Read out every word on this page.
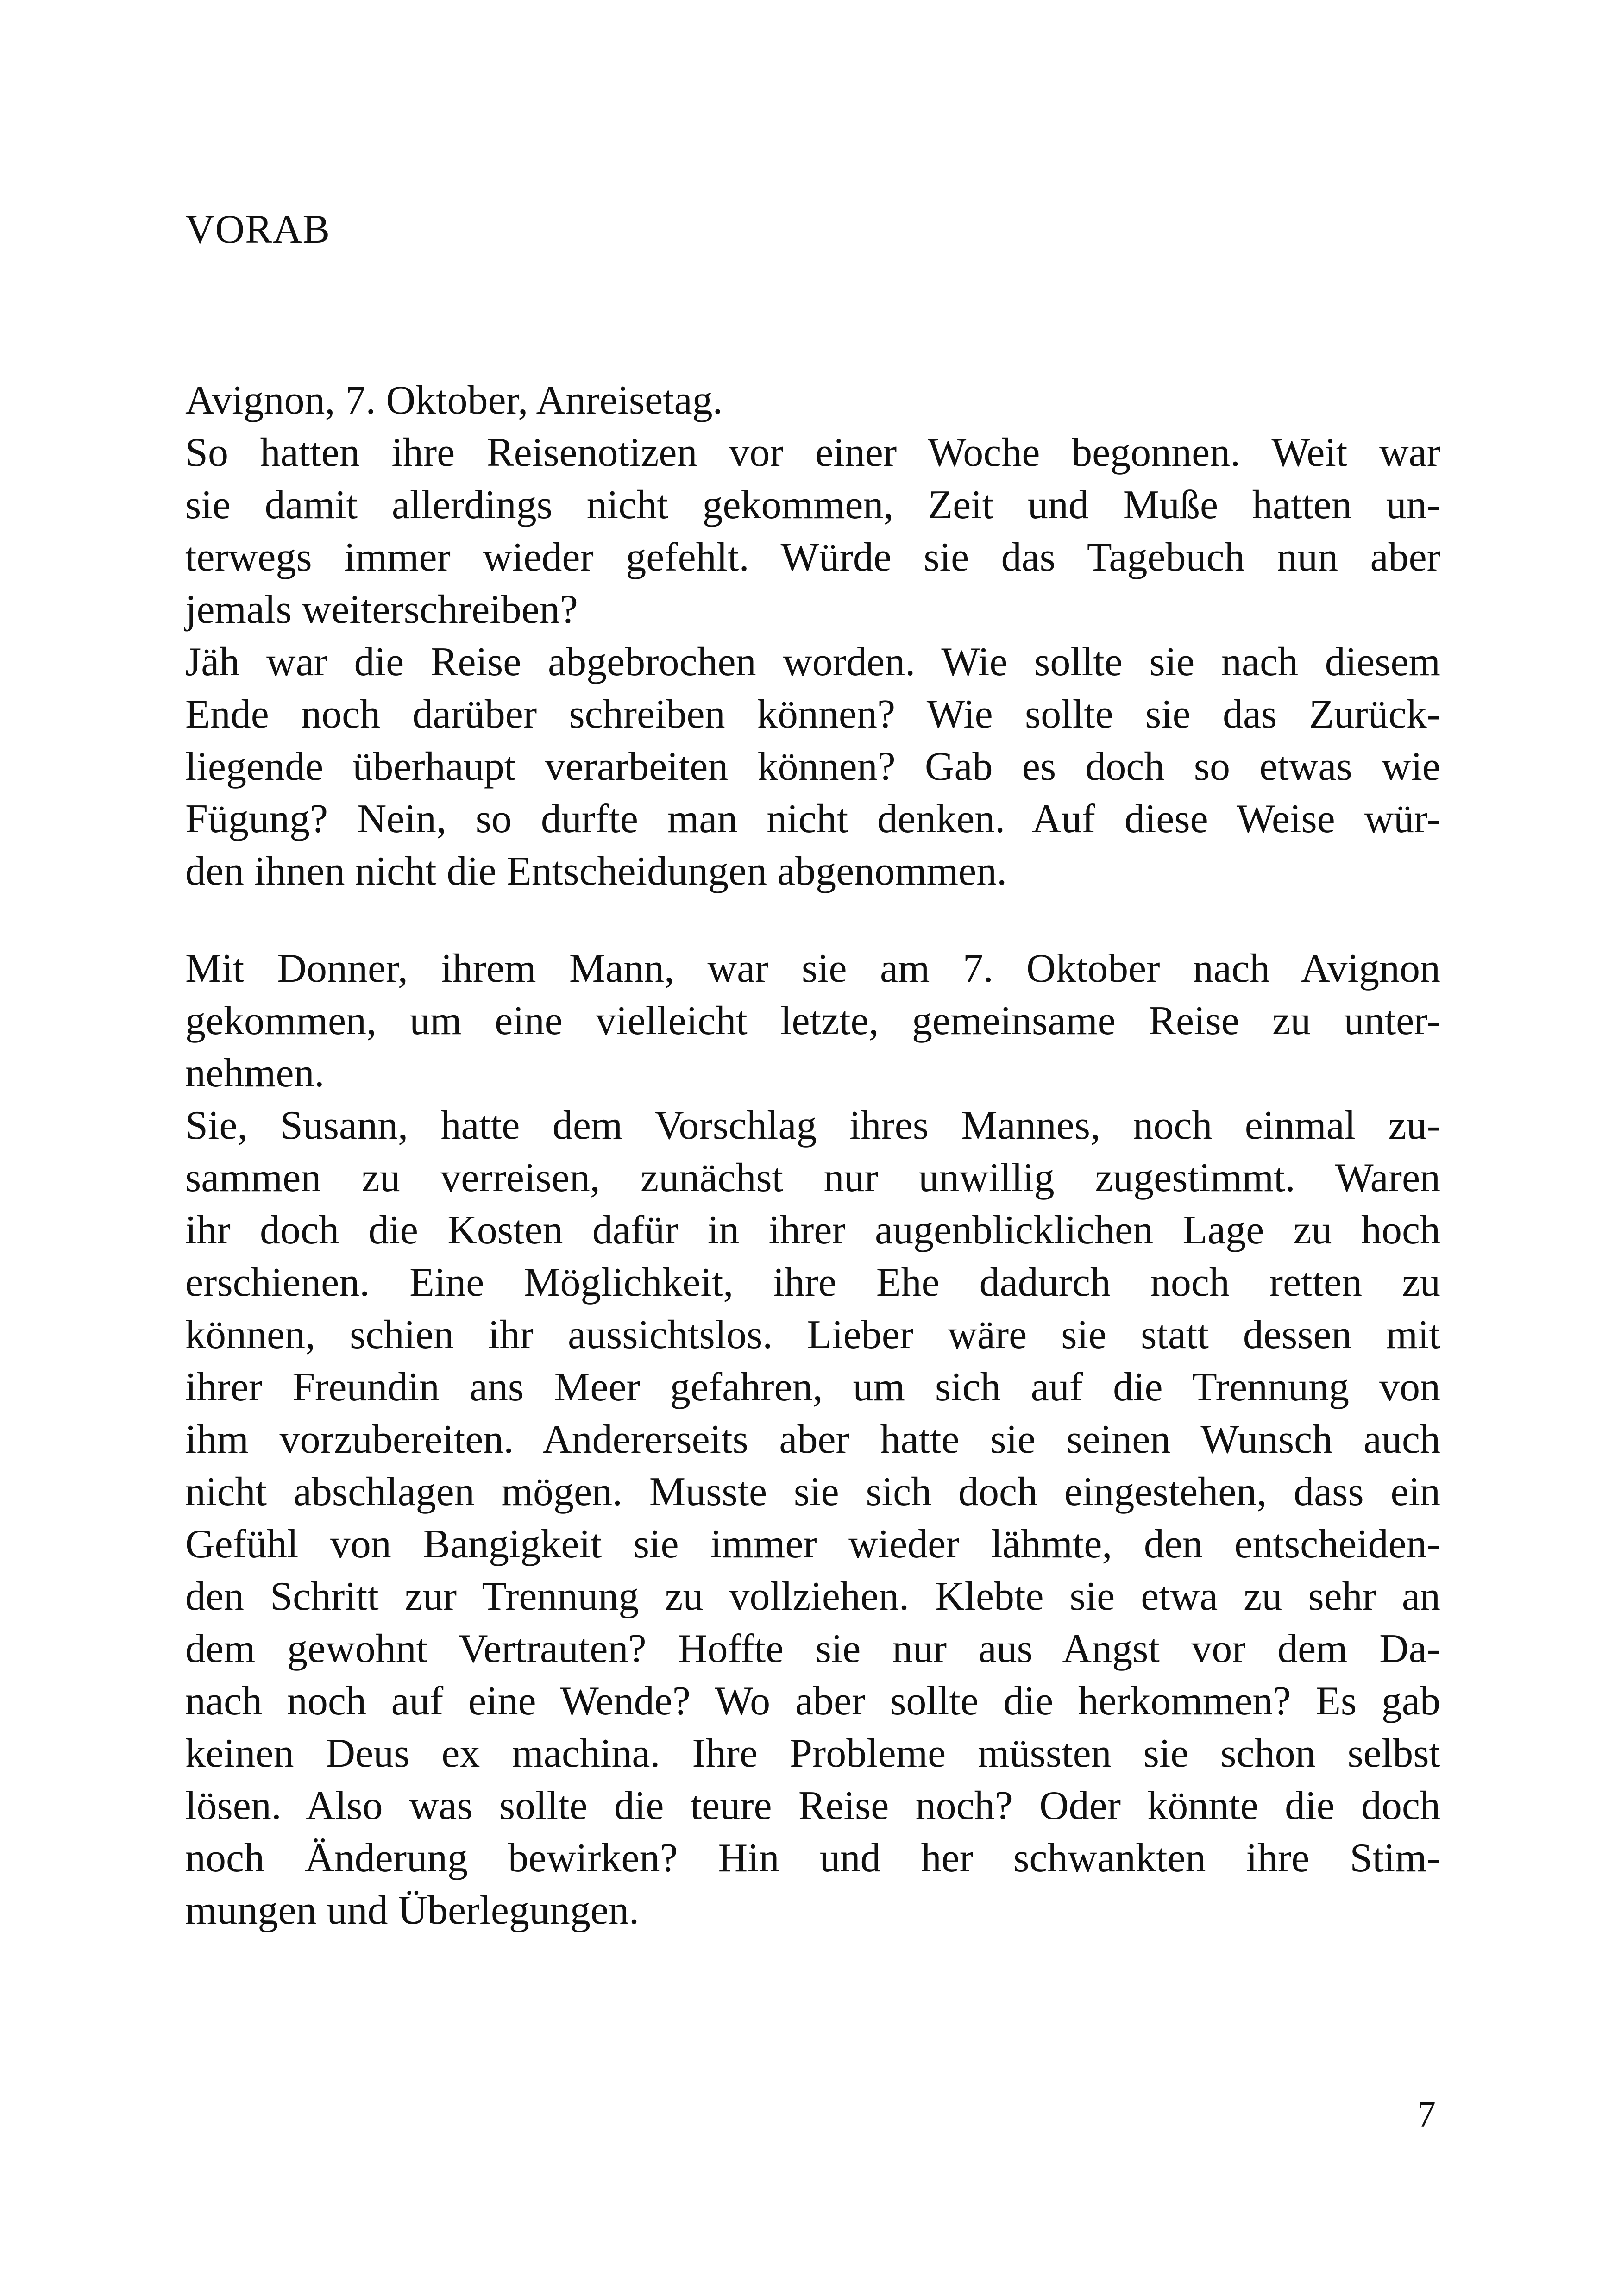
VORAB
Avignon, 7. Oktober, Anreisetag.
So hatten ihre Reisenotizen vor einer Woche begonnen. Weit war
sie damit allerdings nicht gekommen, Zeit und Muße hatten un-
terwegs immer wieder gefehlt. Würde sie das Tagebuch nun aber
jemals weiterschreiben?
Jäh war die Reise abgebrochen worden. Wie sollte sie nach diesem
Ende noch darüber schreiben können? Wie sollte sie das Zurück-
liegende überhaupt verarbeiten können? Gab es doch so etwas wie
Fügung? Nein, so durfte man nicht denken. Auf diese Weise wür-
den ihnen nicht die Entscheidungen abgenommen.
Mit Donner, ihrem Mann, war sie am 7. Oktober nach Avignon
gekommen, um eine vielleicht letzte, gemeinsame Reise zu unter-
nehmen.
Sie, Susann, hatte dem Vorschlag ihres Mannes, noch einmal zu-
sammen zu verreisen, zunächst nur unwillig zugestimmt. Waren
ihr doch die Kosten dafür in ihrer augenblicklichen Lage zu hoch
erschienen. Eine Möglichkeit, ihre Ehe dadurch noch retten zu
können, schien ihr aussichtslos. Lieber wäre sie statt dessen mit
ihrer Freundin ans Meer gefahren, um sich auf die Trennung von
ihm vorzubereiten. Andererseits aber hatte sie seinen Wunsch auch
nicht abschlagen mögen. Musste sie sich doch eingestehen, dass ein
Gefühl von Bangigkeit sie immer wieder lähmte, den entscheiden-
den Schritt zur Trennung zu vollziehen. Klebte sie etwa zu sehr an
dem gewohnt Vertrauten? Hoffte sie nur aus Angst vor dem Da-
nach noch auf eine Wende? Wo aber sollte die herkommen? Es gab
keinen Deus ex machina. Ihre Probleme müssten sie schon selbst
lösen. Also was sollte die teure Reise noch? Oder könnte die doch
noch Änderung bewirken? Hin und her schwankten ihre Stim-
mungen und Überlegungen.
7
